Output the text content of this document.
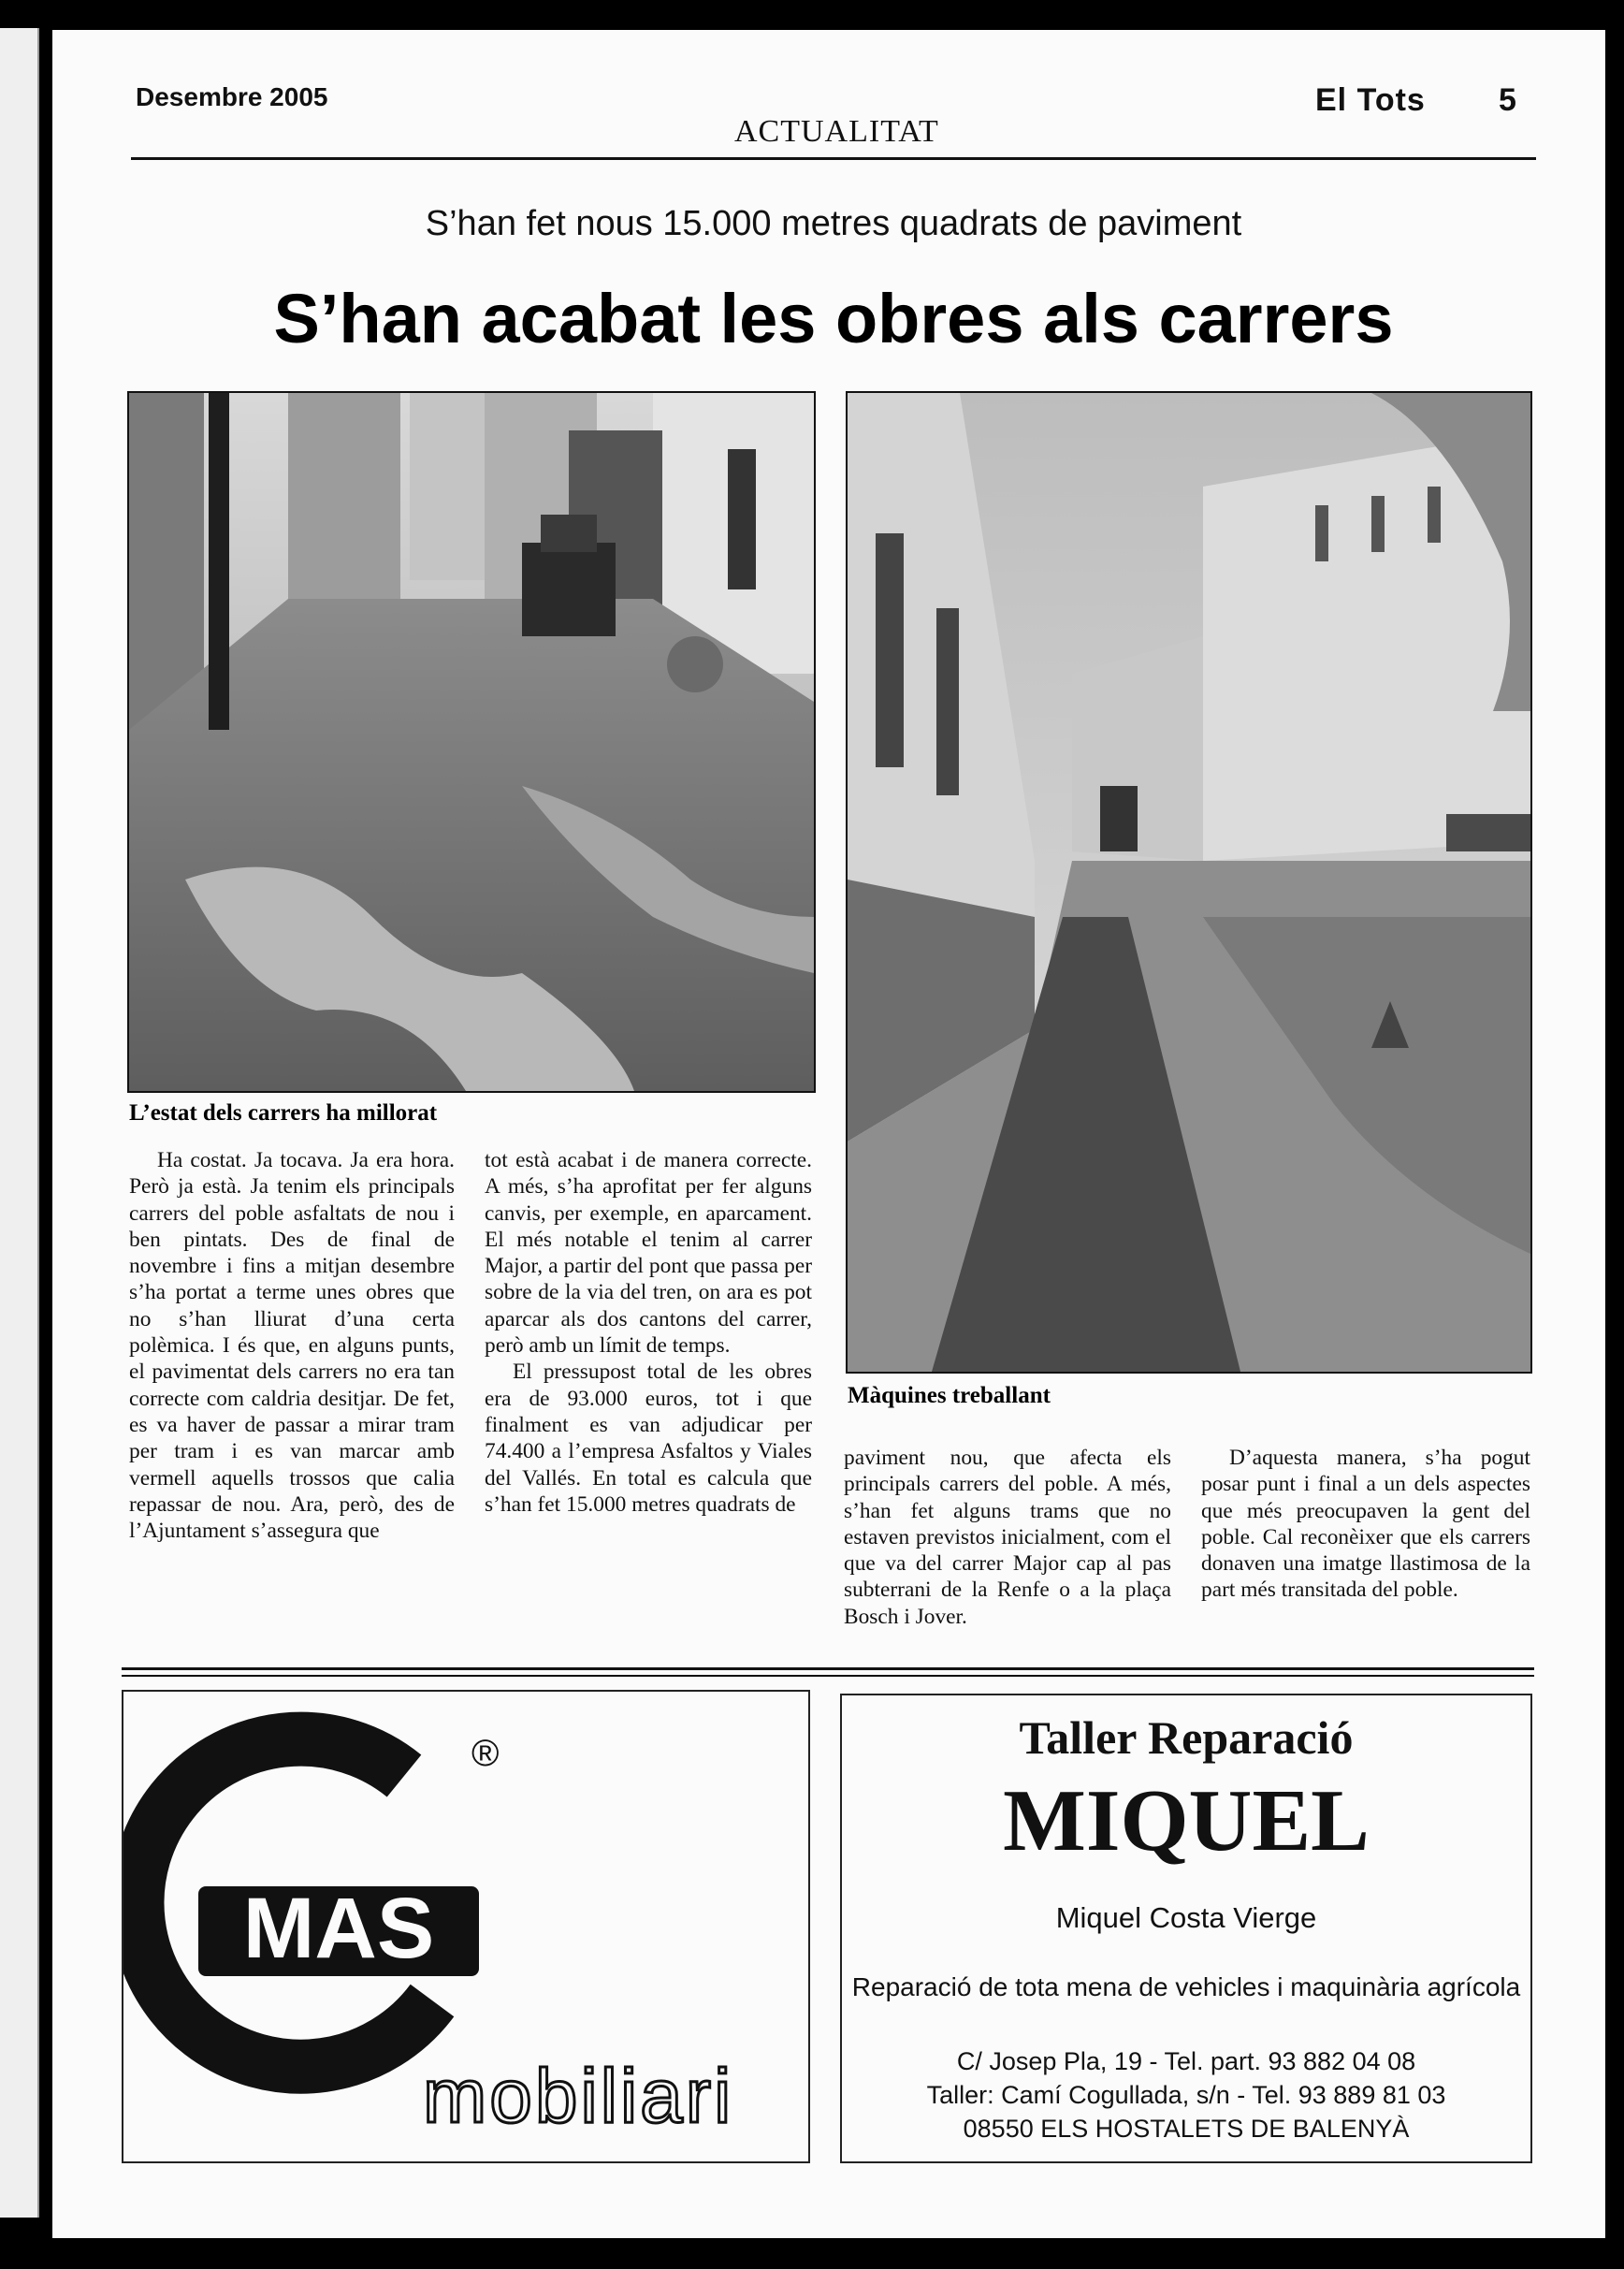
Desembre 2005
ACTUALITAT
El Tots 5
S’han fet nous 15.000 metres quadrats de paviment
S’han acabat les obres als carrers
L’estat dels carrers ha millorat
Màquines treballant

Ha costat. Ja tocava. Ja era hora. Però ja està. Ja tenim els principals carrers del poble asfaltats de nou i ben pintats. Des de final de novembre i fins a mitjan desembre s’ha portat a terme unes obres que no s’han lliurat d’una certa polèmica. I és que, en alguns punts, el pavimentat dels carrers no era tan correcte com caldria desitjar. De fet, es va haver de passar a mirar tram per tram i es van marcar amb vermell aquells trossos que calia repassar de nou. Ara, però, des de l’Ajuntament s’assegura que

tot està acabat i de manera correcte. A més, s’ha aprofitat per fer alguns canvis, per exemple, en aparcament. El més notable el tenim al carrer Major, a partir del pont que passa per sobre de la via del tren, on ara es pot aparcar als dos cantons del carrer, però amb un límit de temps.

El pressupost total de les obres era de 93.000 euros, tot i que finalment es van adjudicar per 74.400 a l’empresa Asfaltos y Viales del Vallés. En total es calcula que s’han fet 15.000 metres quadrats de

paviment nou, que afecta els principals carrers del poble. A més, s’han fet alguns trams que no estaven previstos inicialment, com el que va del carrer Major cap al pas subterrani de la Renfe o a la plaça Bosch i Jover.

D’aquesta manera, s’ha pogut posar punt i final a un dels aspectes que més preocupaven la gent del poble. Cal reconèixer que els carrers donaven una imatge llastimosa de la part més transitada del poble.

MAS
mobiliari
®	Taller Reparació
MIQUEL
Miquel Costa Vierge
Reparació de tota mena de vehicles i maquinària agrícola
C/ Josep Pla, 19 - Tel. part. 93 882 04 08
Taller: Camí Cogullada, s/n - Tel. 93 889 81 03
08550 ELS HOSTALETS DE BALENYÀ
